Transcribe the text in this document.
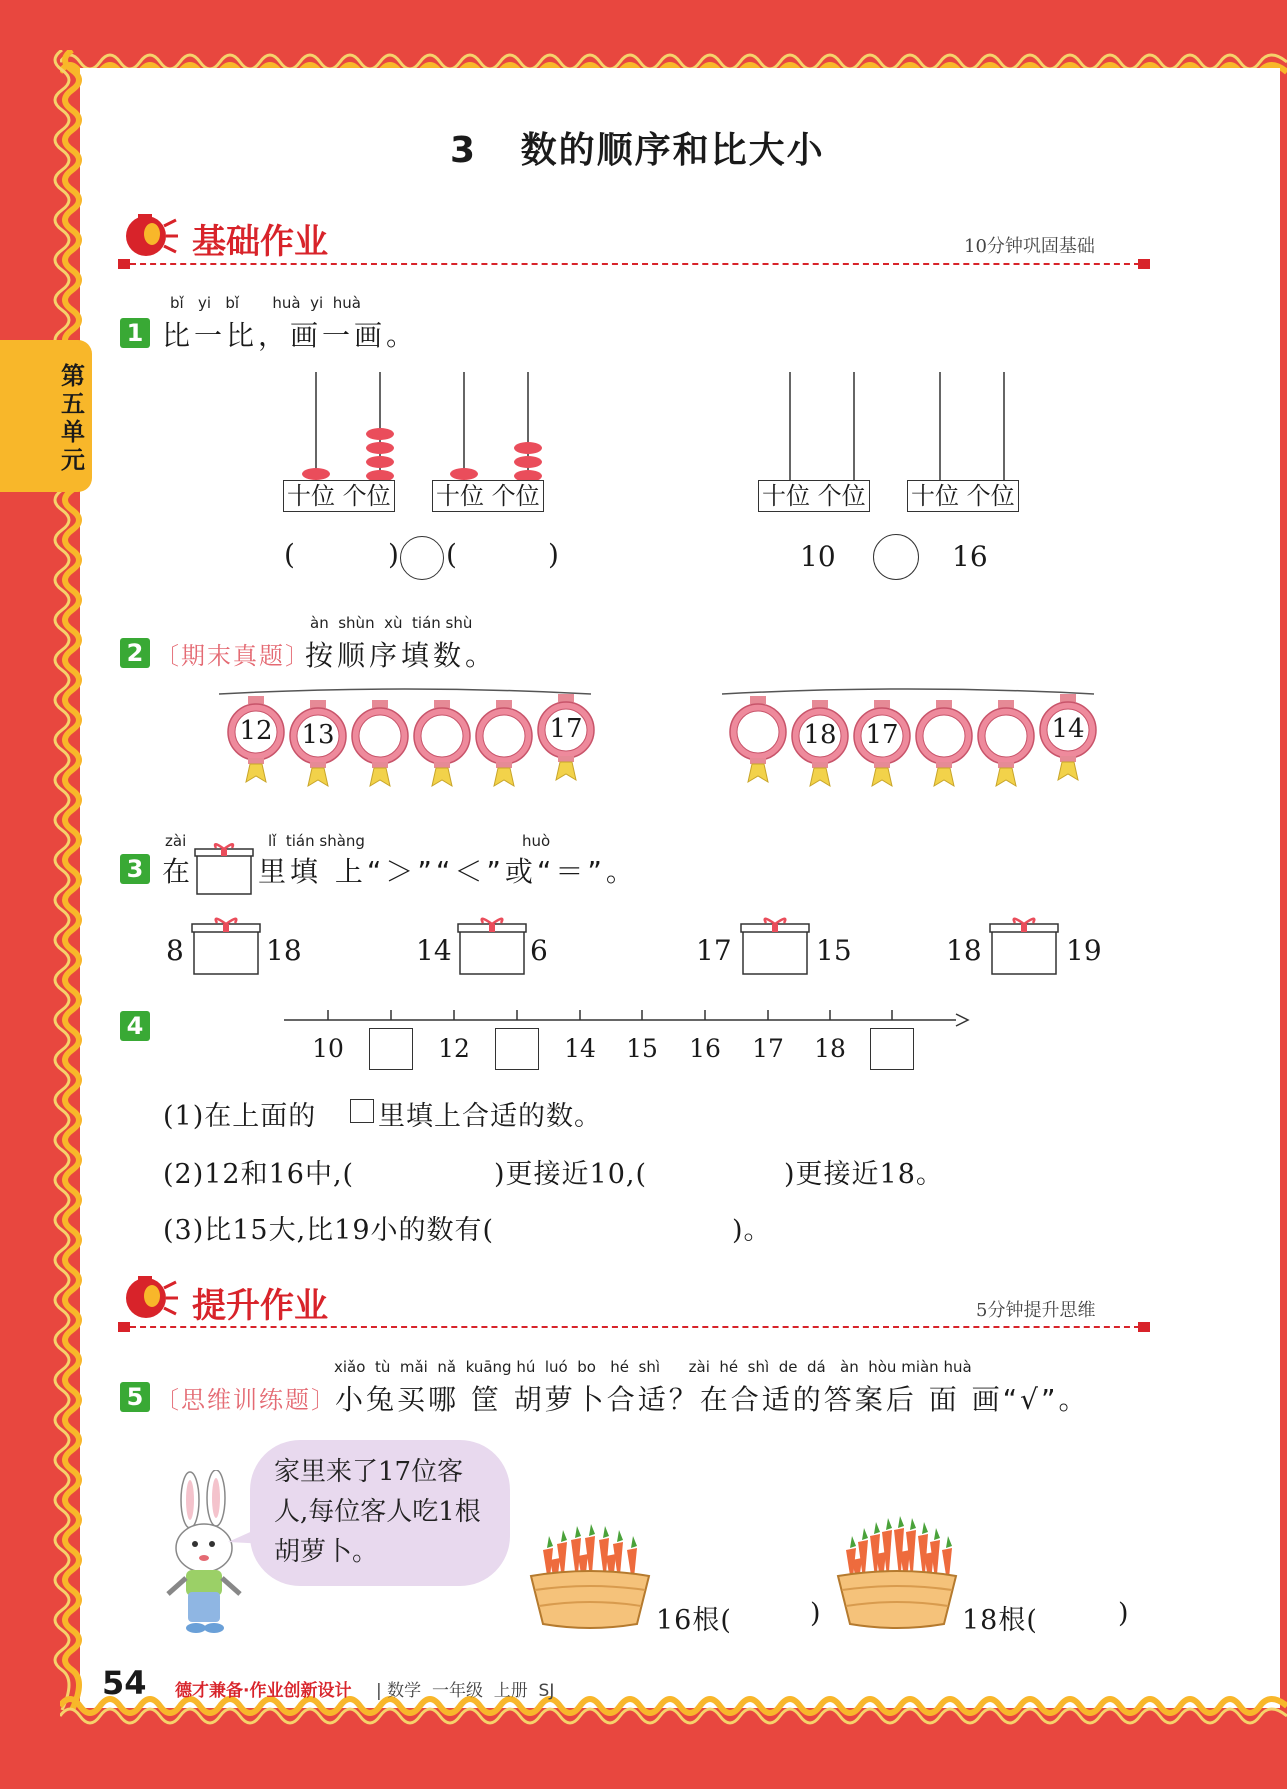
第五单元
3   数的顺序和比大小
基础作业	10分钟巩固基础
bǐ   yi   bǐ       huà  yi  huà
1 比一比，画一画。
十位 个位 十位 个位	十位 个位 十位 个位
(	) (	)	10	16
àn  shùn  xù  tián shù
2 〔期末真题〕
按顺序填数。
12	13	17	18	17	14
zài	lǐ  tián shàng	huò
3 在 里填 上“＞”“＜”或“＝”。
8	18	14	6	17	15	18	19
4
10	12	14 15 16 17 18
(1)在上面的 里填上合适的数。
(2)12和16中,(	)更接近10,(	)更接近18。
(3)比15大,比19小的数有(	)。
提升作业	5分钟提升思维
xiǎo  tù  mǎi  nǎ  kuāng hú  luó  bo   hé  shì      zài  hé  shì  de  dá   àn  hòu miàn huà
5 〔思维训练题〕
小兔买哪 筐 胡萝卜合适？在合适的答案后 面 画“√”。
家里来了17位客人,每位客人吃1根胡萝卜。
16根(	)	18根(	)
54 德才兼备·作业创新设计 | 数学  一年级  上册  SJ
